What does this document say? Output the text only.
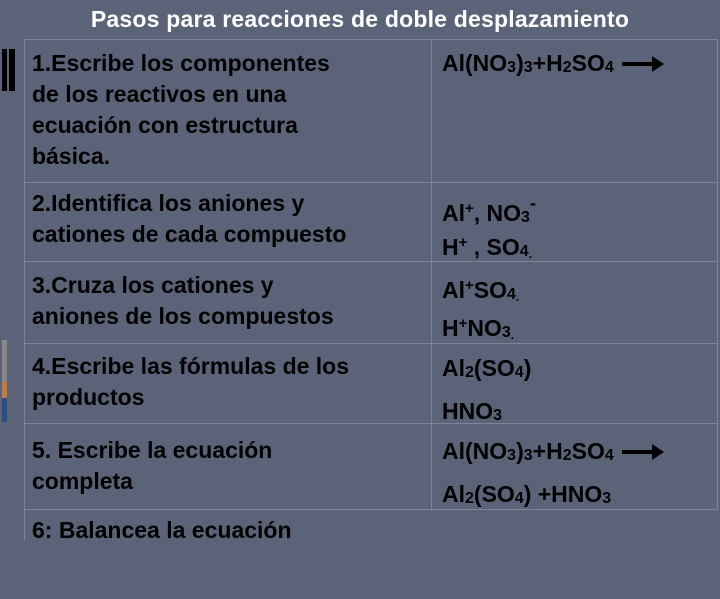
Pasos para reacciones de doble desplazamiento
1.Escribe los componentes
de los reactivos en una
ecuación con estructura
básica.
2.Identifica los aniones y
cationes de cada compuesto
3.Cruza los cationes y
aniones de los compuestos
4.Escribe las fórmulas de los
productos
5. Escribe la ecuación
completa
6: Balancea la ecuación
Al(NO3)3+H2SO4
Al+, NO3-
H+ , SO4.
Al+SO4.
H+NO3.
Al2(SO4)
HNO3
Al(NO3)3+H2SO4
Al2(SO4) +HNO3
